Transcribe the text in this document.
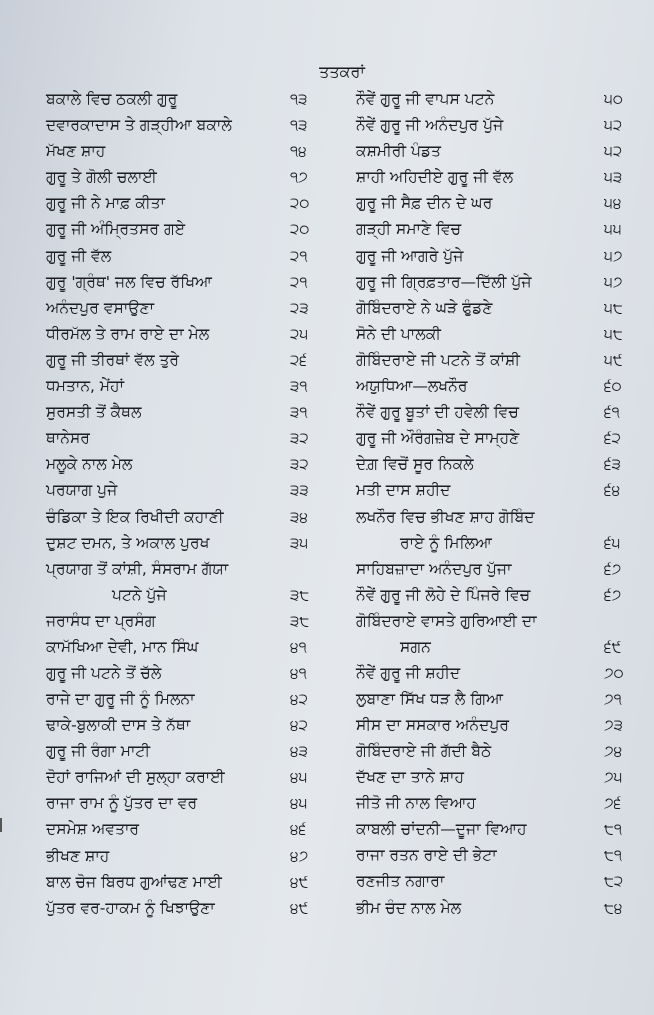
ਤਤਕਰਾਂ
ਬਕਾਲੇ ਵਿਚ ਠਕਲੀ ਗੁਰੂ	੧੩
ਦਵਾਰਕਾਦਾਸ ਤੇ ਗੜ੍ਹੀਆ ਬਕਾਲੇ	੧੩
ਮੱਖਣ ਸ਼ਾਹ	੧੪
ਗੁਰੂ ਤੇ ਗੋਲੀ ਚਲਾਈ	੧੭
ਗੁਰੂ ਜੀ ਨੇ ਮਾਫ਼ ਕੀਤਾ	੨੦
ਗੁਰੂ ਜੀ ਅੰਮ੍ਰਿਤਸਰ ਗਏ	੨੦
ਗੁਰੂ ਜੀ ਵੱਲ	੨੧
ਗੁਰੂ 'ਗ੍ਰੰਥ' ਜਲ ਵਿਚ ਰੱਖਿਆ	੨੧
ਅਨੰਦਪੁਰ ਵਸਾਉਣਾ	੨੩
ਧੀਰਮੱਲ ਤੇ ਰਾਮ ਰਾਏ ਦਾ ਮੇਲ	੨੫
ਗੁਰੂ ਜੀ ਤੀਰਥਾਂ ਵੱਲ ਤੁਰੇ	੨੬
ਧਮਤਾਨ, ਮੇਂਹਾਂ	੩੧
ਸੁਰਸਤੀ ਤੋਂ ਕੈਥਲ	੩੧
ਥਾਨੇਸਰ	੩੨
ਮਲੂਕੇ ਨਾਲ ਮੇਲ	੩੨
ਪਰਯਾਗ ਪੁਜੇ	੩੩
ਚੰਡਿਕਾ ਤੇ ਇਕ ਰਿਖੀਦੀ ਕਹਾਣੀ	੩੪
ਦੁਸ਼ਟ ਦਮਨ, ਤੇ ਅਕਾਲ ਪੁਰਖ	੩੫
ਪ੍ਰਯਾਗ ਤੋਂ ਕਾਂਸ਼ੀ, ਸੰਸਰਾਮ ਗੱਯਾ
ਪਟਨੇ ਪੁੱਜੇ	੩੮
ਜਰਾਸੰਧ ਦਾ ਪ੍ਰਸੰਗ	੩੮
ਕਾਮੱਖਿਆ ਦੇਵੀ, ਮਾਨ ਸਿੰਘ	੪੧
ਗੁਰੂ ਜੀ ਪਟਨੇ ਤੋਂ ਚੱਲੇ	੪੧
ਰਾਜੇ ਦਾ ਗੁਰੂ ਜੀ ਨੂੰ ਮਿਲਨਾ	੪੨
ਢਾਕੇ-ਬੁਲਾਕੀ ਦਾਸ ਤੇ ਨੱਥਾ	੪੨
ਗੁਰੂ ਜੀ ਰੰਗਾ ਮਾਟੀ	੪੩
ਦੋਹਾਂ ਰਾਜਿਆਂ ਦੀ ਸੁਲ੍ਹਾ ਕਰਾਈ	੪੫
ਰਾਜਾ ਰਾਮ ਨੂੰ ਪੁੱਤਰ ਦਾ ਵਰ	੪੫
ਦਸਮੇਸ਼ ਅਵਤਾਰ	੪੬
ਭੀਖਣ ਸ਼ਾਹ	੪੭
ਬਾਲ ਚੋਜ ਬਿਰਧ ਗੁਆਂਢਣ ਮਾਈ	੪੯
ਪੁੱਤਰ ਵਰ-ਹਾਕਮ ਨੂੰ ਖਿਝਾਉਣਾ	੪੯
ਨੌਵੇਂ ਗੁਰੂ ਜੀ ਵਾਪਸ ਪਟਨੇ	੫੦
ਨੌਵੇਂ ਗੁਰੂ ਜੀ ਅਨੰਦਪੁਰ ਪੁੱਜੇ	੫੨
ਕਸ਼ਮੀਰੀ ਪੰਡਤ	੫੨
ਸ਼ਾਹੀ ਅਹਿਦੀਏ ਗੁਰੂ ਜੀ ਵੱਲ	੫੩
ਗੁਰੂ ਜੀ ਸੈਫ਼ ਦੀਨ ਦੇ ਘਰ	੫੪
ਗੜ੍ਹੀ ਸਮਾਣੇ ਵਿਚ	੫੫
ਗੁਰੂ ਜੀ ਆਗਰੇ ਪੁੱਜੇ	੫੭
ਗੁਰੂ ਜੀ ਗ੍ਰਿਫ਼ਤਾਰ—ਦਿੱਲੀ ਪੁੱਜੇ	੫੭
ਗੋਬਿੰਦਰਾਏ ਨੇ ਘੜੇ ਫੁੰਡਣੇ	੫੮
ਸੋਨੇ ਦੀ ਪਾਲਕੀ	੫੮
ਗੋਬਿੰਦਰਾਏ ਜੀ ਪਟਨੇ ਤੋਂ ਕਾਂਸ਼ੀ	੫੯
ਅਯੁਧਿਆ—ਲਖਨੌਰ	੬੦
ਨੌਵੇਂ ਗੁਰੂ ਬੂਤਾਂ ਦੀ ਹਵੇਲੀ ਵਿਚ	੬੧
ਗੁਰੂ ਜੀ ਔਰੰਗਜ਼ੇਬ ਦੇ ਸਾਮ੍ਹਣੇ	੬੨
ਦੇਗ਼ ਵਿਚੋਂ ਸੂਰ ਨਿਕਲੇ	੬੩
ਮਤੀ ਦਾਸ ਸ਼ਹੀਦ	੬੪
ਲਖਨੌਰ ਵਿਚ ਭੀਖਣ ਸ਼ਾਹ ਗੋਬਿੰਦ
ਰਾਏ ਨੂੰ ਮਿਲਿਆ	੬੫
ਸਾਹਿਬਜ਼ਾਦਾ ਅਨੰਦਪੁਰ ਪੁੱਜਾ	੬੭
ਨੌਵੇਂ ਗੁਰੂ ਜੀ ਲੋਹੇ ਦੇ ਪਿੰਜਰੇ ਵਿਚ	੬੭
ਗੋਬਿੰਦਰਾਏ ਵਾਸਤੇ ਗੁਰਿਆਈ ਦਾ
ਸਗਨ	੬੯
ਨੌਵੇਂ ਗੁਰੂ ਜੀ ਸ਼ਹੀਦ	੭੦
ਲੁਬਾਣਾ ਸਿੱਖ ਧੜ ਲੈ ਗਿਆ	੭੧
ਸੀਸ ਦਾ ਸਸਕਾਰ ਅਨੰਦਪੁਰ	੭੩
ਗੋਬਿੰਦਰਾਏ ਜੀ ਗੱਦੀ ਬੈਠੇ	੭੪
ਦੱਖਣ ਦਾ ਤਾਨੇ ਸ਼ਾਹ	੭੫
ਜੀਤੋ ਜੀ ਨਾਲ ਵਿਆਹ	੭੬
ਕਾਬਲੀ ਚਾਂਦਨੀ—ਦੂਜਾ ਵਿਆਹ	੮੧
ਰਾਜਾ ਰਤਨ ਰਾਏ ਦੀ ਭੇਟਾ	੮੧
ਰਣਜੀਤ ਨਗਾਰਾ	੮੨
ਭੀਮ ਚੰਦ ਨਾਲ ਮੇਲ	੮੪
